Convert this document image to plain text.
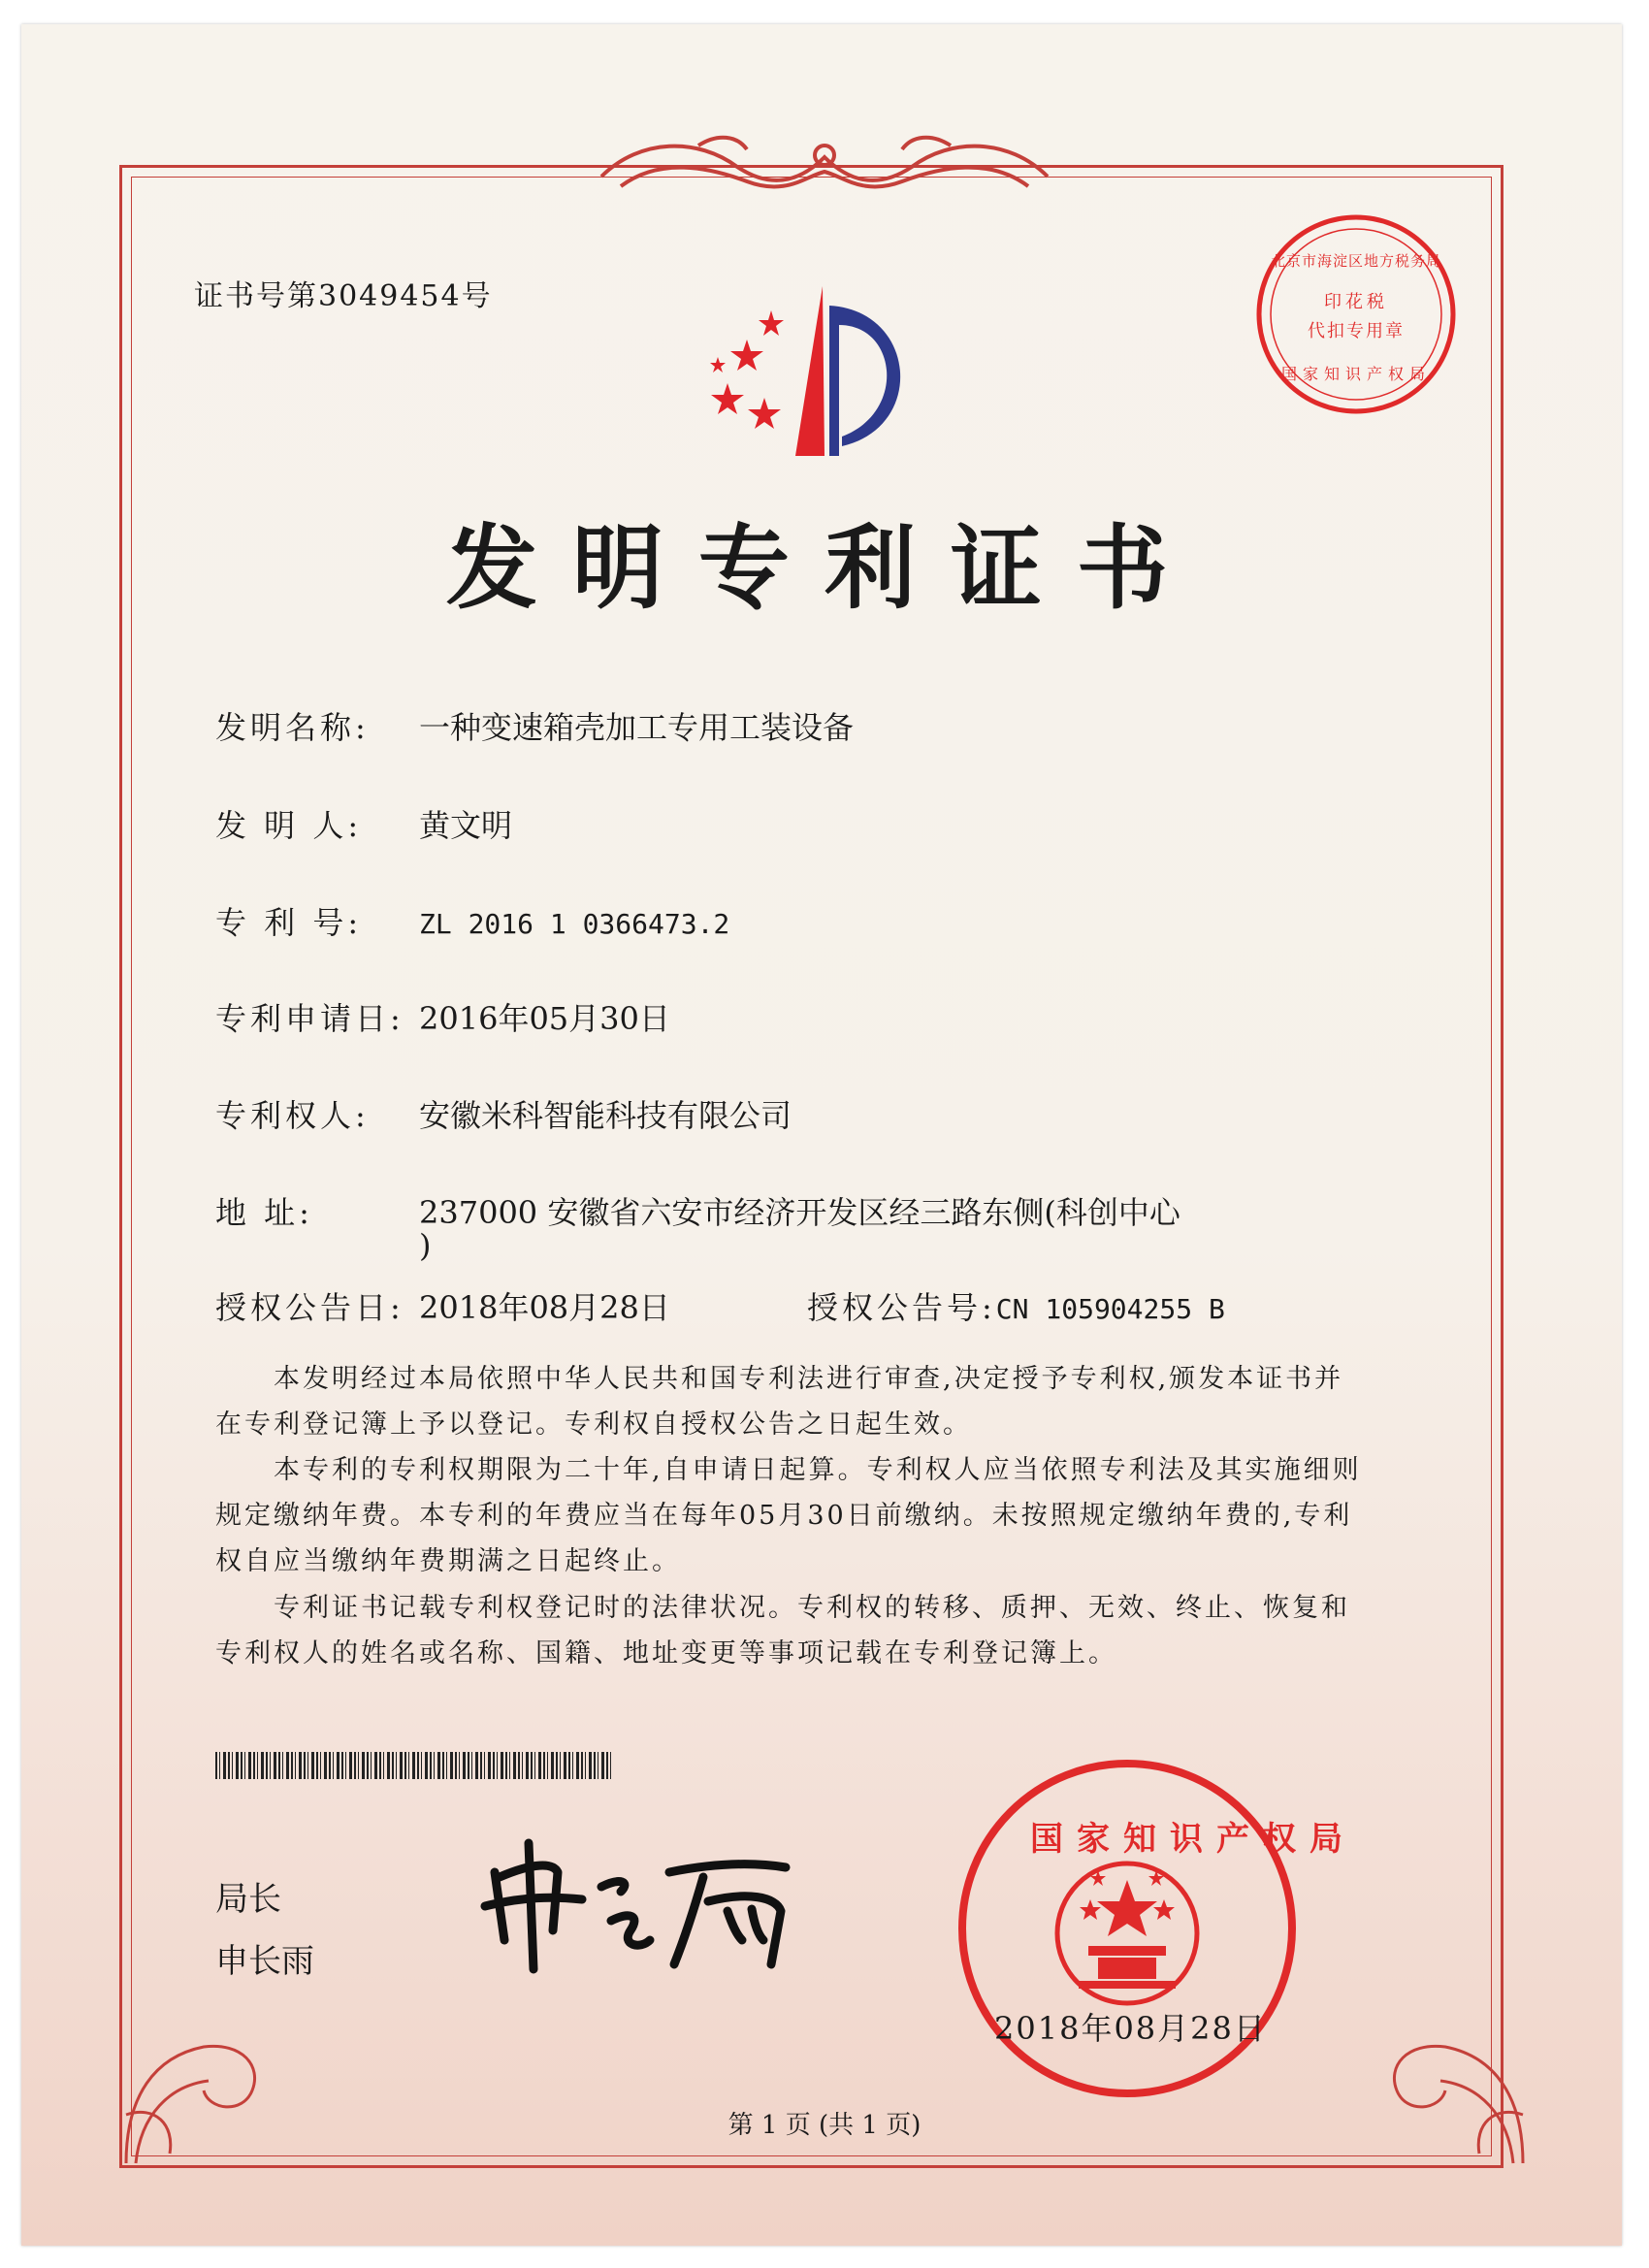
证书号第3049454号
北京市海淀区地方税务局
印花税
代扣专用章
国家知识产权局
发明专利证书
发明名称: 一种变速箱壳加工专用工装设备
发 明 人: 黄文明
专 利 号: ZL 2016 1 0366473.2
专利申请日: 2016年05月30日
专利权人: 安徽米科智能科技有限公司
地 址:	237000 安徽省六安市经济开发区经三路东侧(科创中心
)
授权公告日: 2018年08月28日	授权公告号:CN 105904255 B
本发明经过本局依照中华人民共和国专利法进行审查,决定授予专利权,颁发本证书并在专利登记簿上予以登记。专利权自授权公告之日起生效。
本专利的专利权期限为二十年,自申请日起算。专利权人应当依照专利法及其实施细则规定缴纳年费。本专利的年费应当在每年05月30日前缴纳。未按照规定缴纳年费的,专利权自应当缴纳年费期满之日起终止。
专利证书记载专利权登记时的法律状况。专利权的转移、质押、无效、终止、恢复和专利权人的姓名或名称、国籍、地址变更等事项记载在专利登记簿上。
局长
申长雨
国家知识产权局
2018年08月28日
第 1 页 (共 1 页)
